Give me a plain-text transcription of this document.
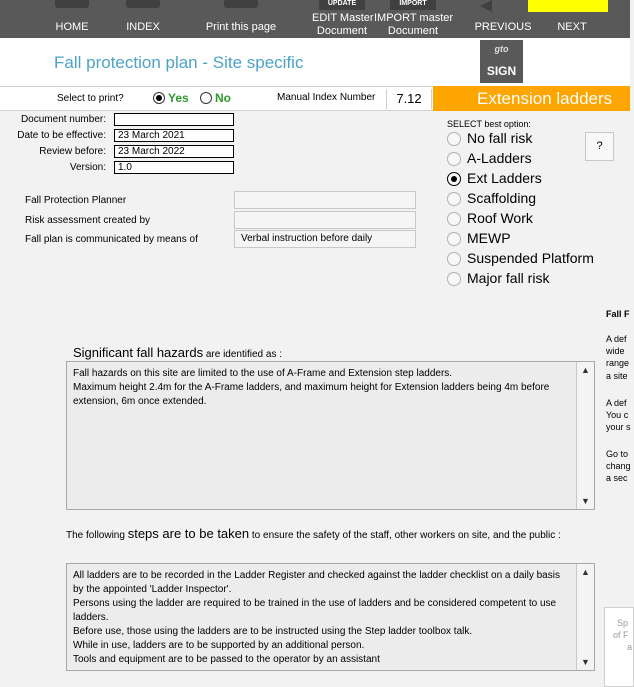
HOME	INDEX	Print this page
UPDATE
EDIT Master
Document
IMPORT
IMPORT master
Document	PREVIOUS	NEXT
Fall protection plan - Site specific
gto
SIGN
Select to print?	Yes No	Manual Index Number	7.12	Extension ladders
Document number:
Date to be effective:	23 March 2021
Review before:	23 March 2022
Version:	1.0
Fall Protection Planner
Risk assessment created by
Fall plan is communicated by means of	Verbal instruction before daily
SELECT best option:
No fall risk
A-Ladders
Ext Ladders
Scaffolding
Roof Work
MEWP
Suspended Platform
Major fall risk
?
Fall F
A def
wide
range
a site
A def
You c
your s
Go to
chang
a sec
Sp
of F
a
Significant fall hazards are identified as :
Fall hazards on this site are limited to the use of A-Frame and Extension step ladders.
Maximum height 2.4m for the A-Frame ladders, and maximum height for Extension ladders being 4m before extension, 6m once extended.
▲
▼
The following steps are to be taken to ensure the safety of the staff, other workers on site, and the public :
All ladders are to be recorded in the Ladder Register and checked against the ladder checklist on a daily basis by the appointed 'Ladder Inspector'.
Persons using the ladder are required to be trained in the use of ladders and be considered competent to use ladders.
Before use, those using the ladders are to be instructed using the Step ladder toolbox talk.
While in use, ladders are to be supported by an additional person.
Tools and equipment are to be passed to the operator by an assistant
▲
▼
